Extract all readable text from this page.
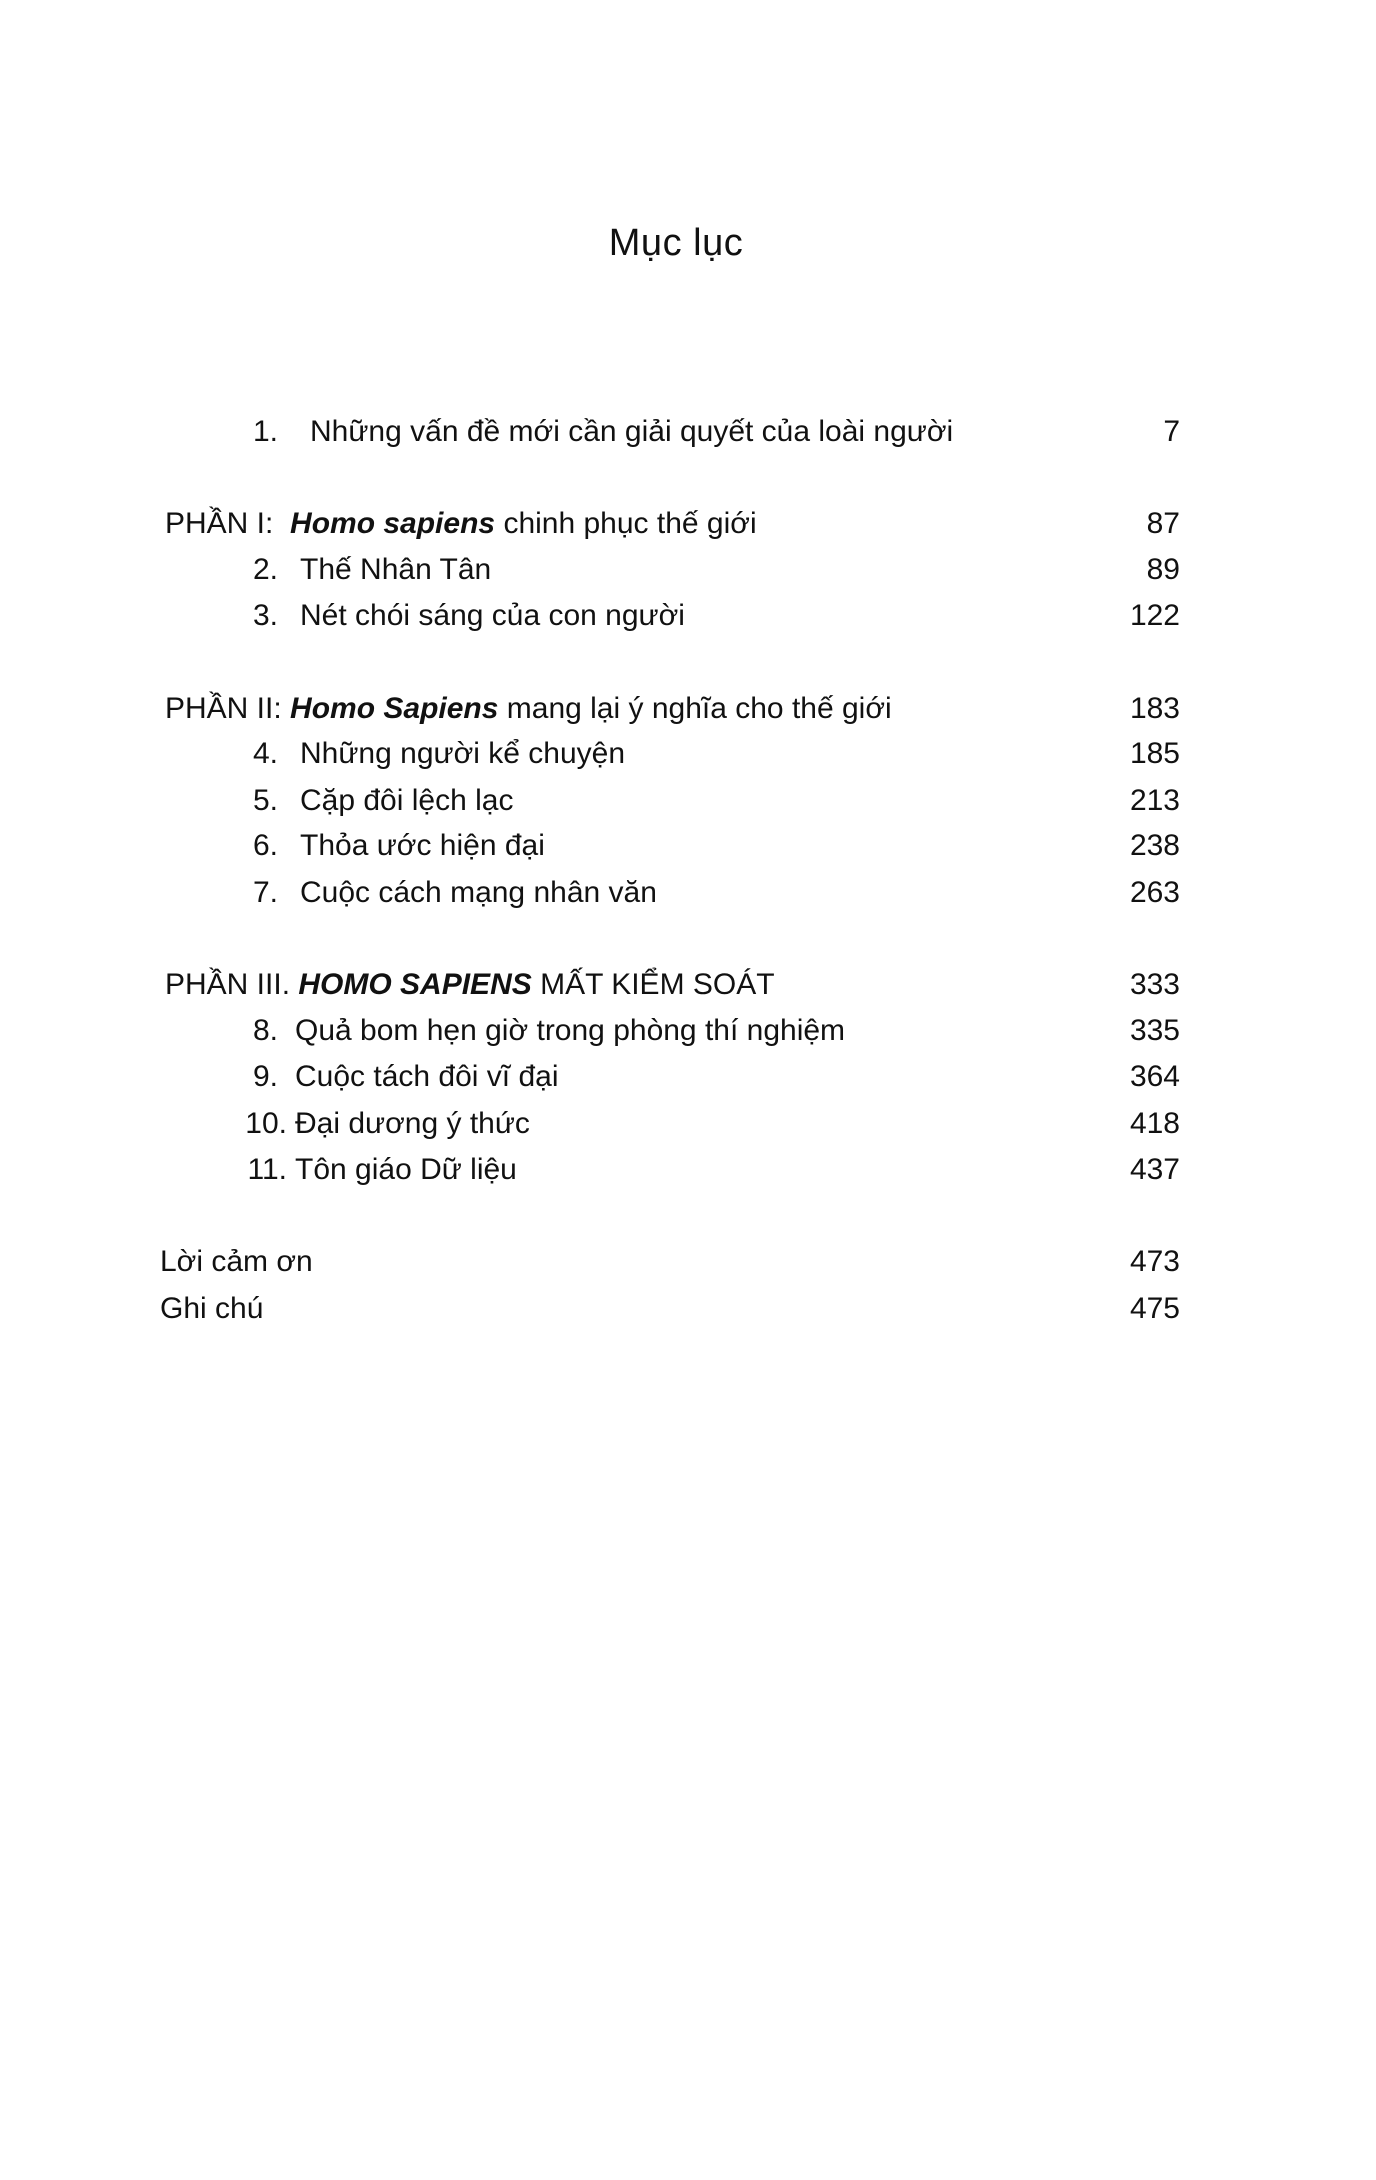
Mục lục
1. Những vấn đề mới cần giải quyết của loài người	7
PHẦN I: Homo sapiens chinh phục thế giới	87
2. Thế Nhân Tân	89
3. Nét chói sáng của con người	122
PHẦN II: Homo Sapiens mang lại ý nghĩa cho thế giới	183
4. Những người kể chuyện	185
5. Cặp đôi lệch lạc	213
6. Thỏa ước hiện đại	238
7. Cuộc cách mạng nhân văn	263
PHẦN III. HOMO SAPIENS MẤT KIỂM SOÁT	333
8. Quả bom hẹn giờ trong phòng thí nghiệm	335
9. Cuộc tách đôi vĩ đại	364
10. Đại dương ý thức	418
11. Tôn giáo Dữ liệu	437
Lời cảm ơn	473
Ghi chú	475
